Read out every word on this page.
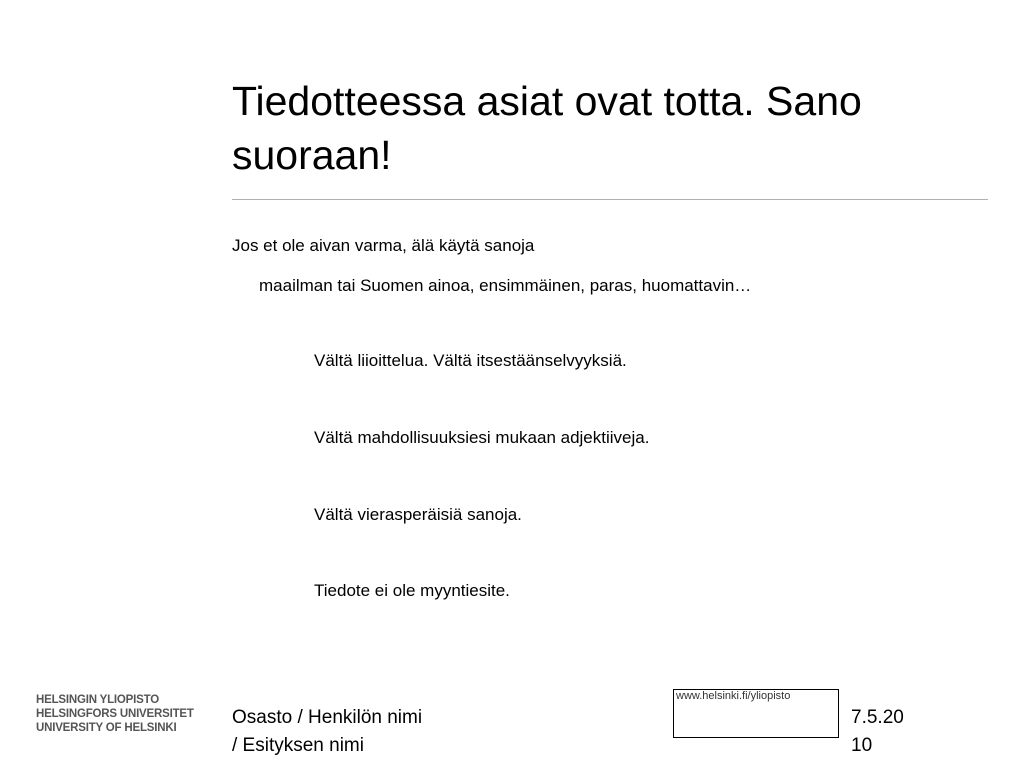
Tiedotteessa asiat ovat totta. Sano suoraan!
Jos et ole aivan varma, älä käytä sanoja
maailman tai Suomen ainoa, ensimmäinen, paras, huomattavin…
Vältä liioittelua. Vältä itsestäänselvyyksiä.
Vältä mahdollisuuksiesi mukaan adjektiiveja.
Vältä vierasperäisiä sanoja.
Tiedote ei ole myyntiesite.
HELSINGIN YLIOPISTO
HELSINGFORS UNIVERSITET
UNIVERSITY OF HELSINKI	Osasto / Henkilön nimi
/ Esityksen nimi
www.helsinki.fi/yliopisto
7.5.20
10
